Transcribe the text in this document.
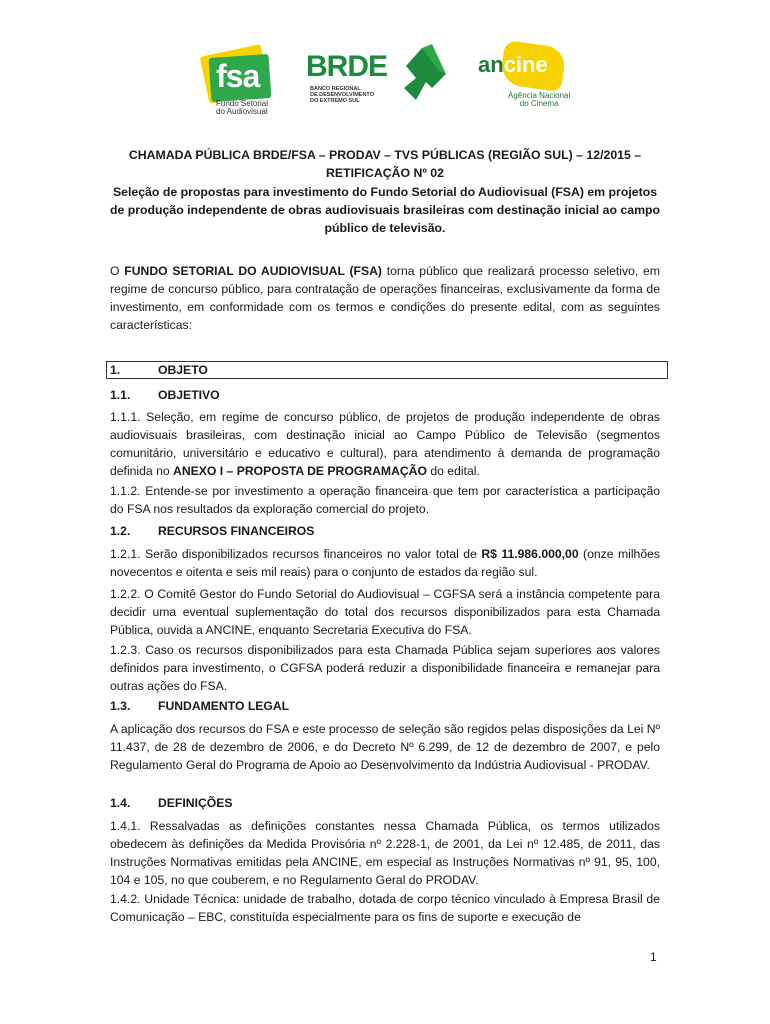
fsa
Fundo Setorial
do Audiovisual
BRDE
BANCO REGIONAL
DE DESENVOLVIMENTO
DO EXTREMO SUL
ancine
Agência Nacional
do Cinema
CHAMADA PÚBLICA BRDE/FSA – PRODAV – TVS PÚBLICAS (REGIÃO SUL) – 12/2015 –
RETIFICAÇÃO Nº 02
Seleção de propostas para investimento do Fundo Setorial do Audiovisual (FSA) em projetos
de produção independente de obras audiovisuais brasileiras com destinação inicial ao campo
público de televisão.
O FUNDO SETORIAL DO AUDIOVISUAL (FSA) torna público que realizará processo seletivo, em regime de concurso público, para contratação de operações financeiras, exclusivamente da forma de investimento, em conformidade com os termos e condições do presente edital, com as seguintes características:
1.	OBJETO
1.1. OBJETIVO
1.1.1. Seleção, em regime de concurso público, de projetos de produção independente de obras audiovisuais brasileiras, com destinação inicial ao Campo Público de Televisão (segmentos comunitário, universitário e educativo e cultural), para atendimento à demanda de programação definida no ANEXO I – PROPOSTA DE PROGRAMAÇÃO do edital.
1.1.2. Entende-se por investimento a operação financeira que tem por característica a participação do FSA nos resultados da exploração comercial do projeto.
1.2. RECURSOS FINANCEIROS
1.2.1. Serão disponibilizados recursos financeiros no valor total de R$ 11.986.000,00 (onze milhões novecentos e oitenta e seis mil reais) para o conjunto de estados da região sul.
1.2.2. O Comitê Gestor do Fundo Setorial do Audiovisual – CGFSA será a instância competente para decidir uma eventual suplementação do total dos recursos disponibilizados para esta Chamada Pública, ouvida a ANCINE, enquanto Secretaria Executiva do FSA.
1.2.3. Caso os recursos disponibilizados para esta Chamada Pública sejam superiores aos valores definidos para investimento, o CGFSA poderá reduzir a disponibilidade financeira e remanejar para outras ações do FSA.
1.3. FUNDAMENTO LEGAL
A aplicação dos recursos do FSA e este processo de seleção são regidos pelas disposições da Lei Nº 11.437, de 28 de dezembro de 2006, e do Decreto Nº 6.299, de 12 de dezembro de 2007, e pelo Regulamento Geral do Programa de Apoio ao Desenvolvimento da Indústria Audiovisual - PRODAV.
1.4. DEFINIÇÕES
1.4.1. Ressalvadas as definições constantes nessa Chamada Pública, os termos utilizados obedecem às definições da Medida Provisória nº 2.228-1, de 2001, da Lei nº 12.485, de 2011, das Instruções Normativas emitidas pela ANCINE, em especial as Instruções Normativas nº 91, 95, 100, 104 e 105, no que couberem, e no Regulamento Geral do PRODAV.
1.4.2. Unidade Técnica: unidade de trabalho, dotada de corpo técnico vinculado à Empresa Brasil de Comunicação – EBC, constituída especialmente para os fins de suporte e execução de
1
